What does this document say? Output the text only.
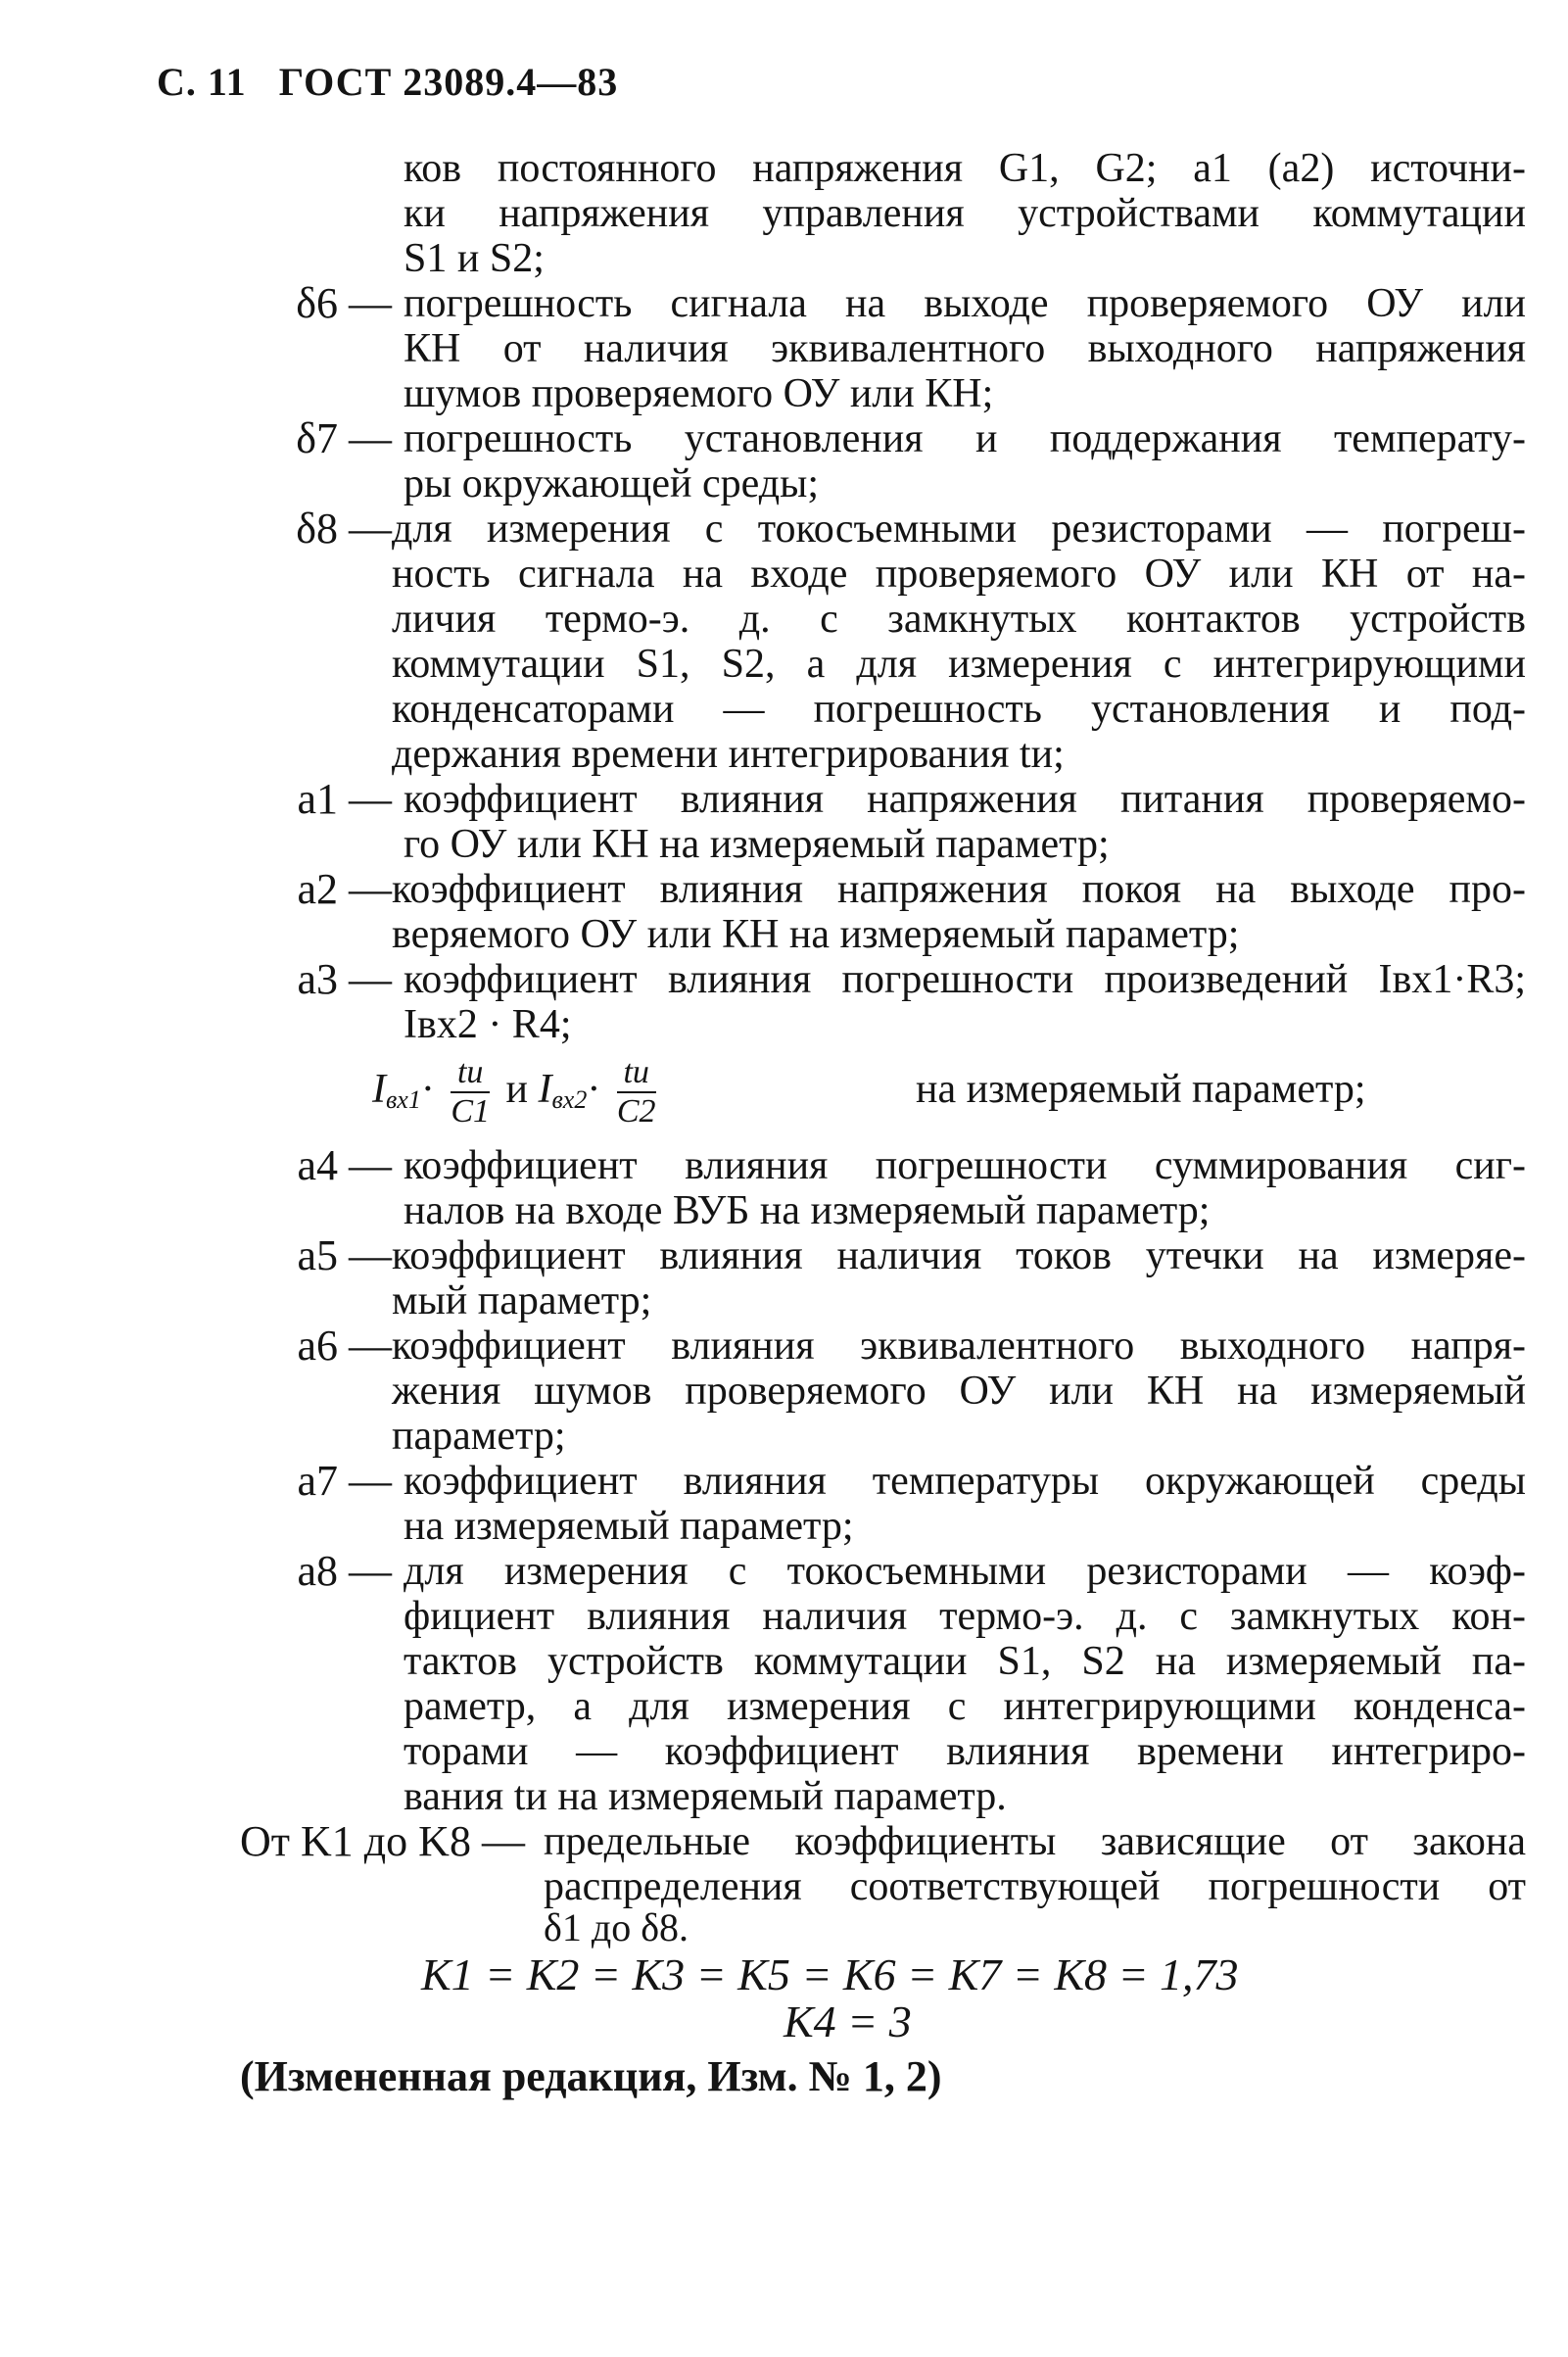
С. 11 ГОСТ 23089.4—83
ков постоянного напряжения G1, G2; a1 (a2) источни-
ки напряжения управления устройствами коммутации
S1 и S2;
δ6 — погрешность сигнала на выходе проверяемого ОУ или
КН от наличия эквивалентного выходного напряжения
шумов проверяемого ОУ или КН;
δ7 — погрешность установления и поддержания температу-
ры окружающей среды;
δ8 — для измерения с токосъемными резисторами — погреш-
ность сигнала на входе проверяемого ОУ или КН от на-
личия термо-э. д. с замкнутых контактов устройств
коммутации S1, S2, а для измерения с интегрирующими
конденсаторами — погрешность установления и под-
держания времени интегрирования tи;
a1 — коэффициент влияния напряжения питания проверяемо-
го ОУ или КН на измеряемый параметр;
a2 — коэффициент влияния напряжения покоя на выходе про-
веряемого ОУ или КН на измеряемый параметр;
a3 — коэффициент влияния погрешности произведений Iвх1·R3;
Iвх2 · R4;
$I_{вх1}\cdot \frac{tи}{C1}$ и $I_{вх2}\cdot \frac{tи}{C2}$	на измеряемый параметр;
a4 — коэффициент влияния погрешности суммирования сиг-
налов на входе ВУБ на измеряемый параметр;
a5 — коэффициент влияния наличия токов утечки на измеряе-
мый параметр;
a6 — коэффициент влияния эквивалентного выходного напря-
жения шумов проверяемого ОУ или КН на измеряемый
параметр;
a7 — коэффициент влияния температуры окружающей среды
на измеряемый параметр;
a8 — для измерения с токосъемными резисторами — коэф-
фициент влияния наличия термо-э. д. с замкнутых кон-
тактов устройств коммутации S1, S2 на измеряемый па-
раметр, а для измерения с интегрирующими конденса-
торами — коэффициент влияния времени интегриро-
вания tи на измеряемый параметр.
От K1 до K8 — предельные коэффициенты зависящие от закона
распределения соответствующей погрешности от
δ1 до δ8.
(Измененная редакция, Изм. № 1, 2)
K1 = K2 = K3 = K5 = K6 = K7 = K8 = 1,73
K4 = 3
